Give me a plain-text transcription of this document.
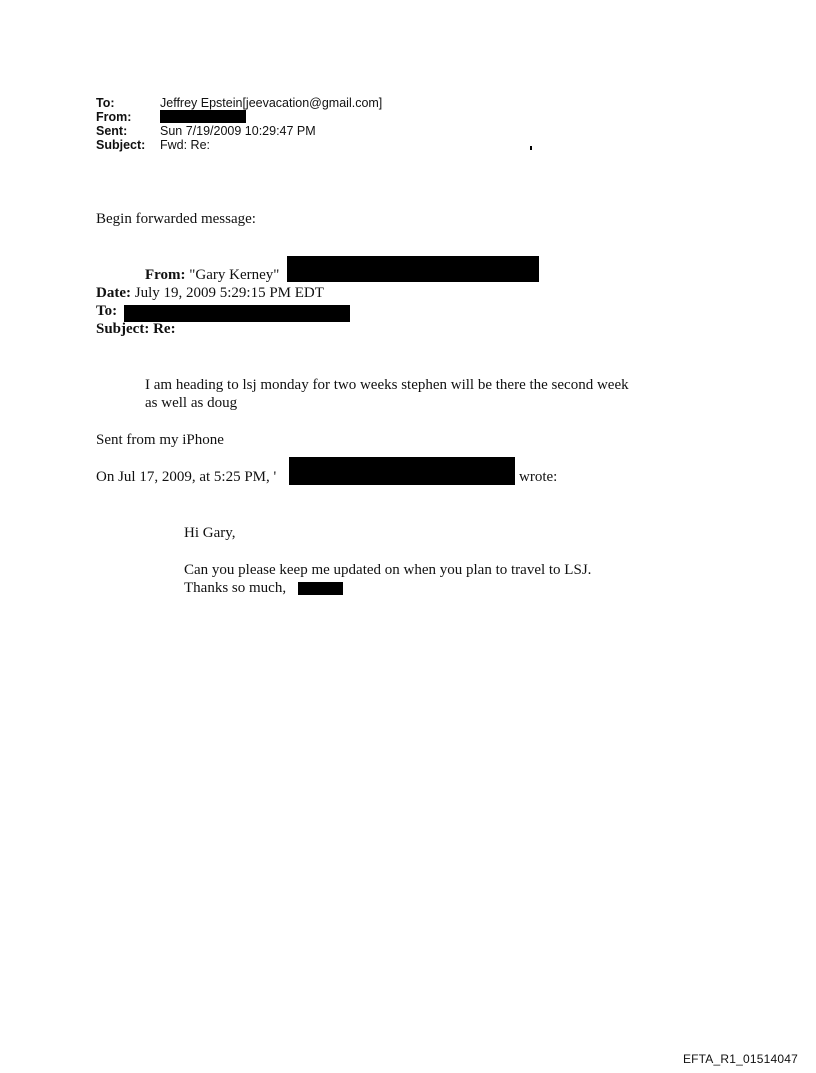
To:	Jeffrey Epstein[jeevacation@gmail.com]
From:
Sent:	Sun 7/19/2009 10:29:47 PM
Subject:	Fwd: Re:
Begin forwarded message:
From: "Gary Kerney"
Date: July 19, 2009 5:29:15 PM EDT
To:
Subject: Re:
I am heading to lsj monday for two weeks stephen will be there the second week
as well as doug
Sent from my iPhone
On Jul 17, 2009, at 5:25 PM, '	wrote:
Hi Gary,
Can you please keep me updated on when you plan to travel to LSJ.
Thanks so much,
EFTA_R1_01514047
